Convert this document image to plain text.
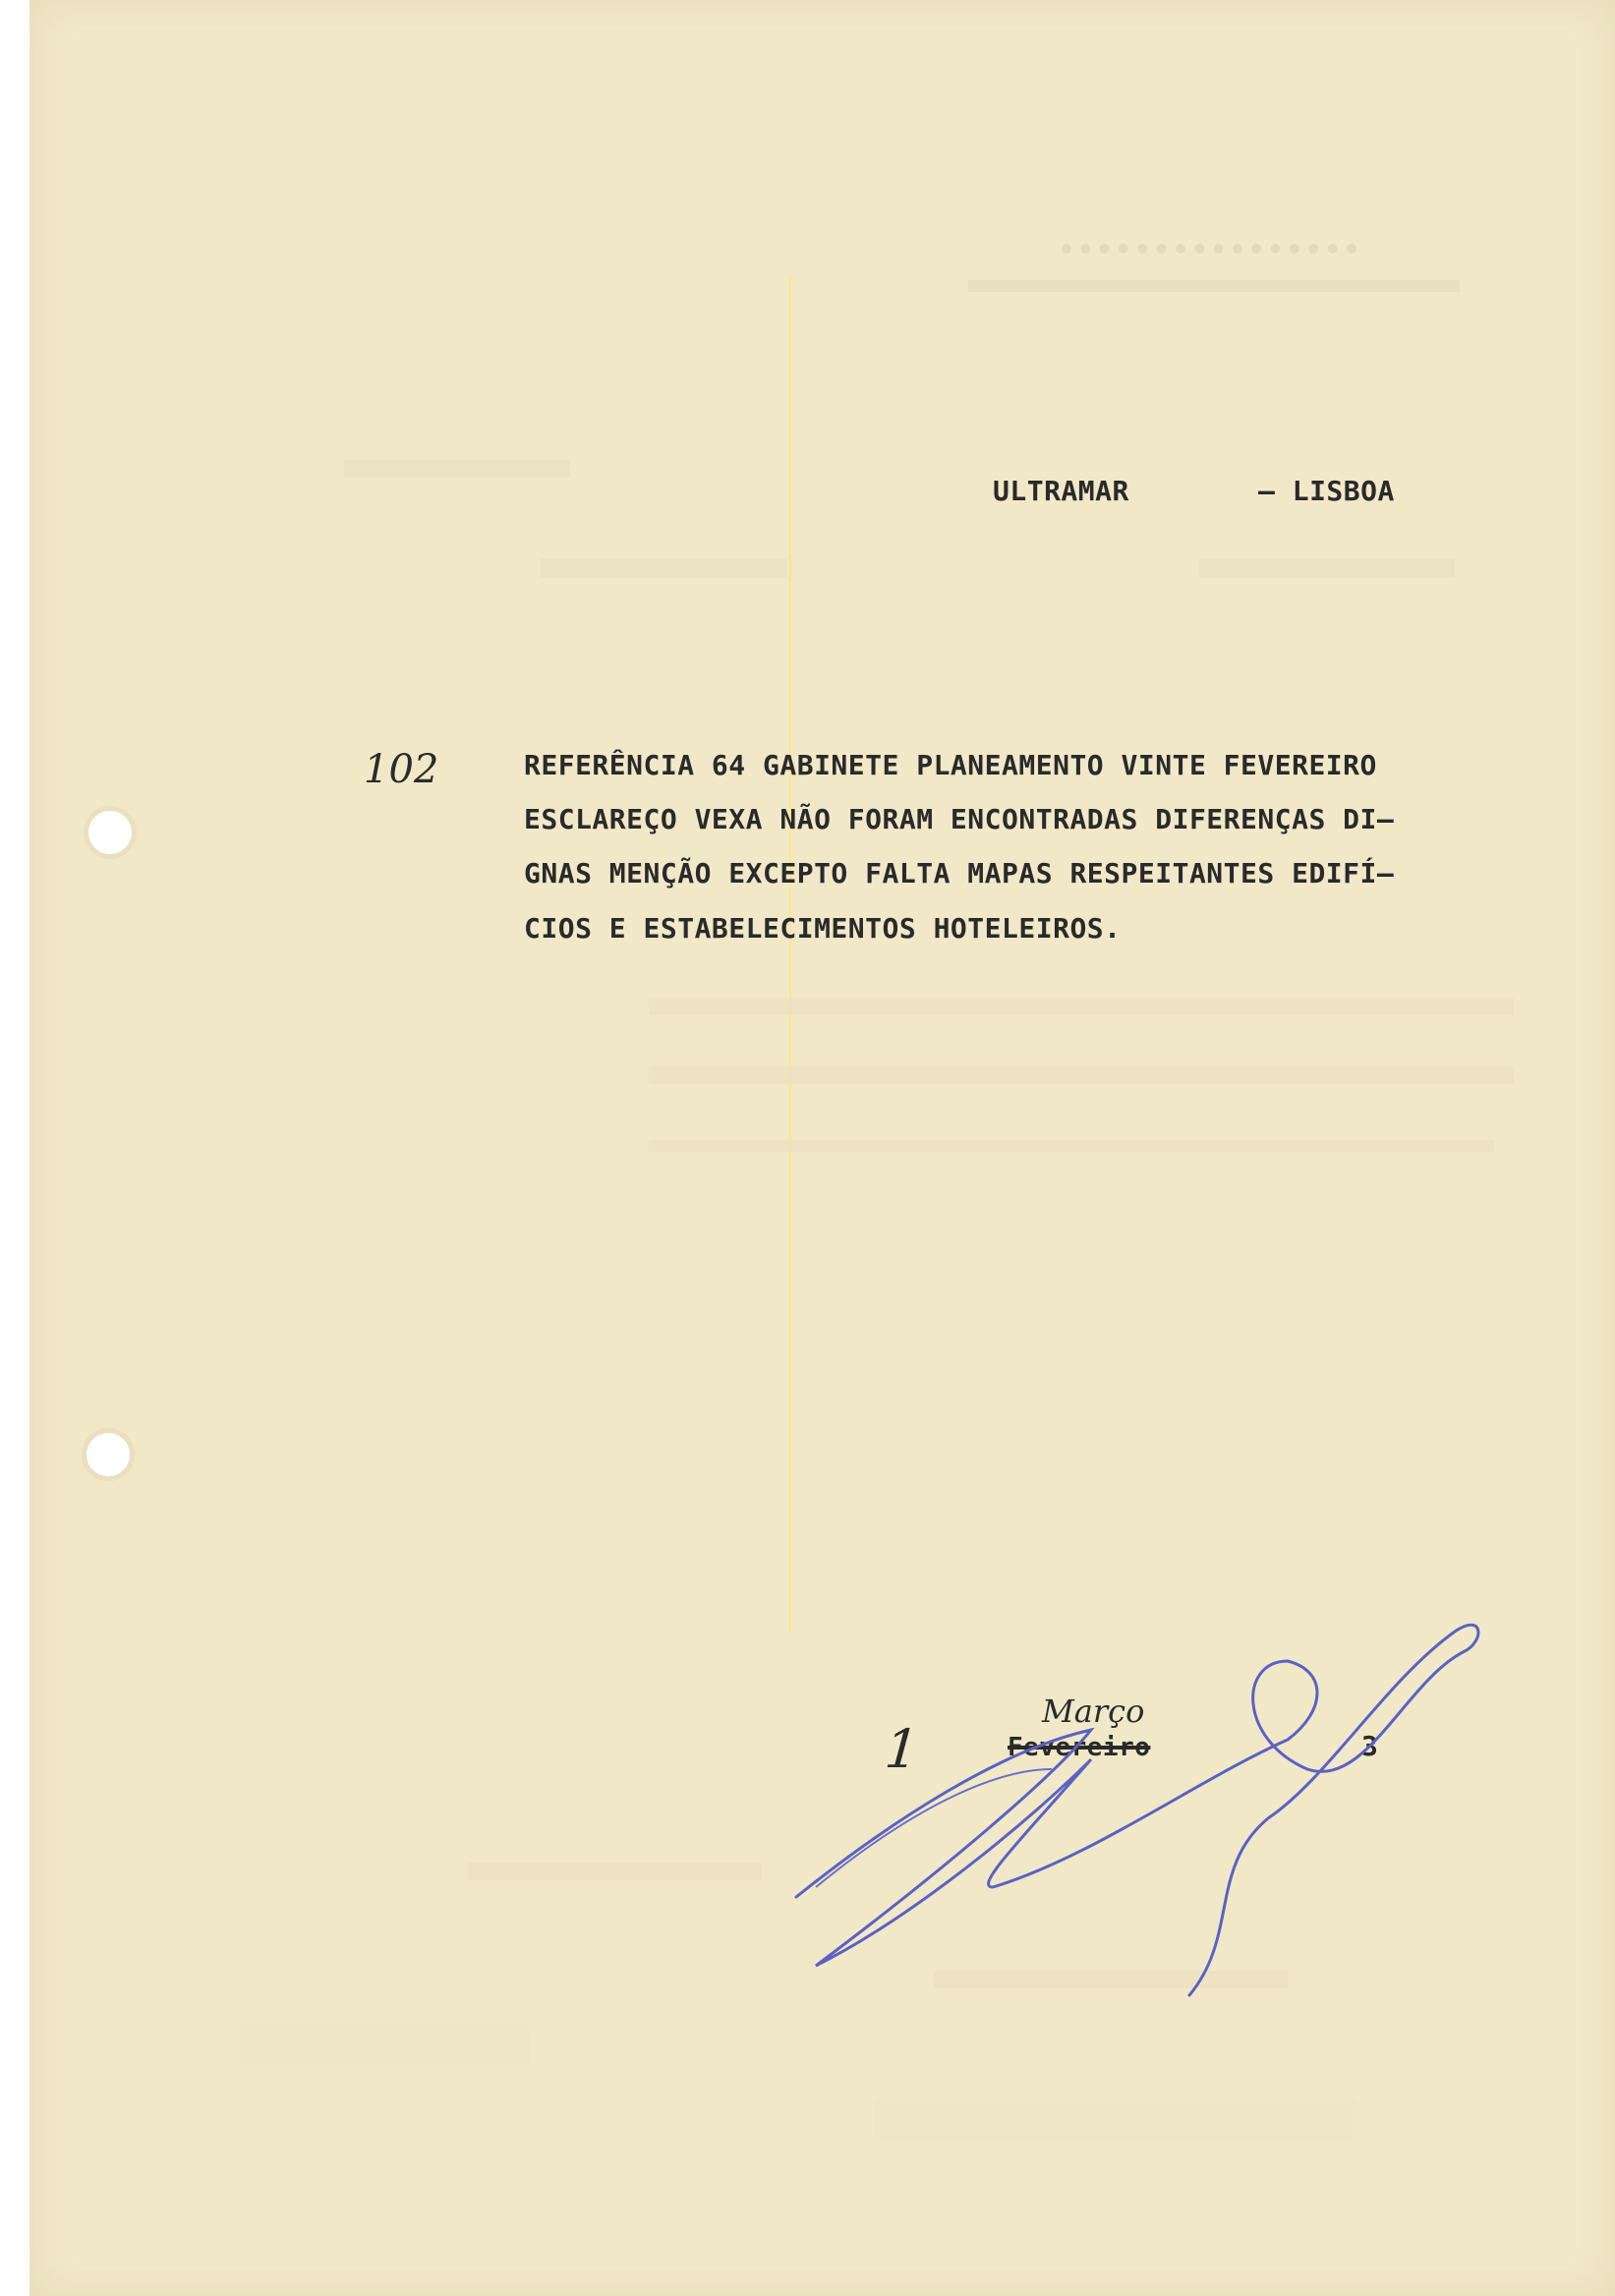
ULTRAMAR	– LISBOA
102	REFERÊNCIA 64 GABINETE PLANEAMENTO VINTE FEVEREIRO
ESCLAREÇO VEXA NÃO FORAM ENCONTRADAS DIFERENÇAS DI–
GNAS MENÇÃO EXCEPTO FALTA MAPAS RESPEITANTES EDIFÍ–
CIOS E ESTABELECIMENTOS HOTELEIROS.
1
Março
Fevereiro	3
